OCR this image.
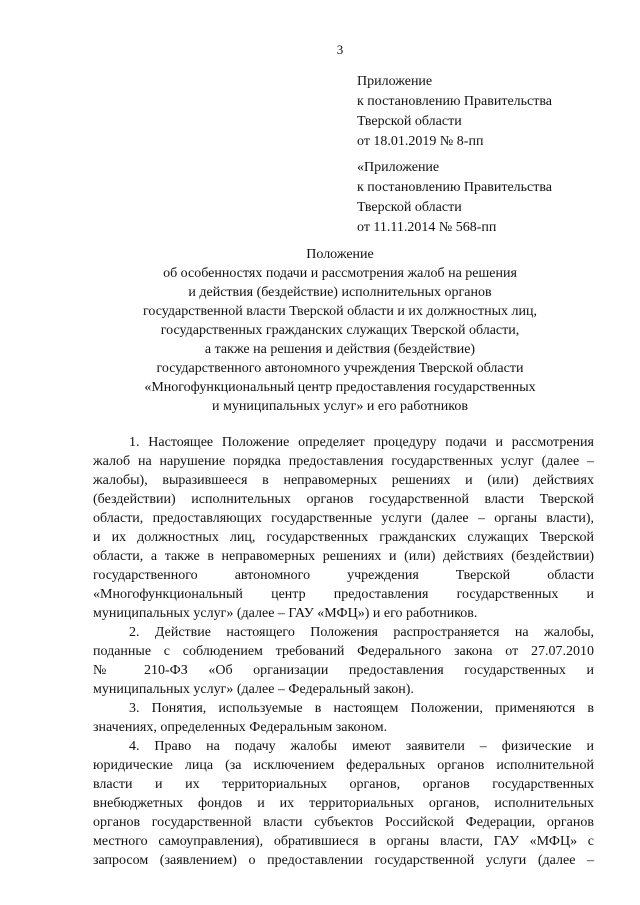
3
Приложение
к постановлению Правительства
Тверской области
от 18.01.2019 № 8-пп
«Приложение
к постановлению Правительства
Тверской области
от 11.11.2014 № 568-пп
Положение
об особенностях подачи и рассмотрения жалоб на решения
и действия (бездействие) исполнительных органов
государственной власти Тверской области и их должностных лиц,
государственных гражданских служащих Тверской области,
а также на решения и действия (бездействие)
государственного автономного учреждения Тверской области
«Многофункциональный центр предоставления государственных
и муниципальных услуг» и его работников
1. Настоящее Положение определяет процедуру подачи и рассмотрения
жалоб на нарушение порядка предоставления государственных услуг (далее –
жалобы), выразившееся в неправомерных решениях и (или) действиях
(бездействии) исполнительных органов государственной власти Тверской
области, предоставляющих государственные услуги (далее – органы власти),
и их должностных лиц, государственных гражданских служащих Тверской
области, а также в неправомерных решениях и (или) действиях (бездействии)
государственного автономного учреждения Тверской области
«Многофункциональный центр предоставления государственных и
муниципальных услуг» (далее – ГАУ «МФЦ») и его работников.
2. Действие настоящего Положения распространяется на жалобы,
поданные с соблюдением требований Федерального закона от 27.07.2010
№ 210-ФЗ «Об организации предоставления государственных и
муниципальных услуг» (далее – Федеральный закон).
3. Понятия, используемые в настоящем Положении, применяются в
значениях, определенных Федеральным законом.
4. Право на подачу жалобы имеют заявители – физические и
юридические лица (за исключением федеральных органов исполнительной
власти и их территориальных органов, органов государственных
внебюджетных фондов и их территориальных органов, исполнительных
органов государственной власти субъектов Российской Федерации, органов
местного самоуправления), обратившиеся в органы власти, ГАУ «МФЦ» с
запросом (заявлением) о предоставлении государственной услуги (далее –
